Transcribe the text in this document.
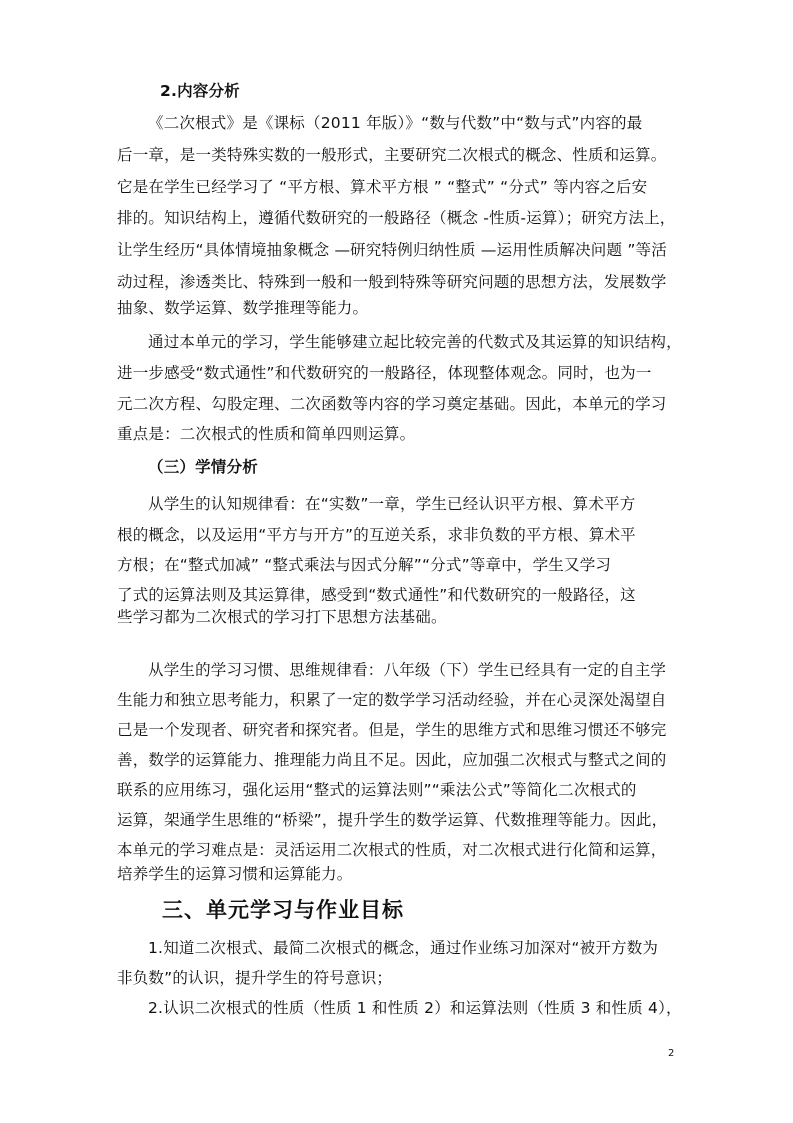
2.内容分析
《二次根式》是《课标（2011 年版）》“数与代数”中“数与式”内容的最
后一章，是一类特殊实数的一般形式，主要研究二次根式的概念、性质和运算。
它是在学生已经学习了 “平方根、算术平方根 ” “整式” “分式” 等内容之后安
排的。知识结构上，遵循代数研究的一般路径（概念 -性质-运算）；研究方法上，
让学生经历“具体情境抽象概念 —研究特例归纳性质 —运用性质解决问题 ”等活
动过程，渗透类比、特殊到一般和一般到特殊等研究问题的思想方法，发展数学
抽象、数学运算、数学推理等能力。
通过本单元的学习，学生能够建立起比较完善的代数式及其运算的知识结构，
进一步感受“数式通性”和代数研究的一般路径，体现整体观念。同时，也为一
元二次方程、勾股定理、二次函数等内容的学习奠定基础。因此，本单元的学习
重点是：二次根式的性质和简单四则运算。
（三）学情分析
从学生的认知规律看：在“实数”一章，学生已经认识平方根、算术平方
根的概念，以及运用“平方与开方”的互逆关系，求非负数的平方根、算术平
方根；在“整式加减” “整式乘法与因式分解”“分式”等章中，学生又学习
了式的运算法则及其运算律，感受到“数式通性”和代数研究的一般路径，这
些学习都为二次根式的学习打下思想方法基础。
从学生的学习习惯、思维规律看：八年级（下）学生已经具有一定的自主学
生能力和独立思考能力，积累了一定的数学学习活动经验，并在心灵深处渴望自
己是一个发现者、研究者和探究者。但是，学生的思维方式和思维习惯还不够完
善，数学的运算能力、推理能力尚且不足。因此，应加强二次根式与整式之间的
联系的应用练习，强化运用“整式的运算法则”“乘法公式”等简化二次根式的
运算，架通学生思维的“桥梁”，提升学生的数学运算、代数推理等能力。因此，
本单元的学习难点是：灵活运用二次根式的性质，对二次根式进行化简和运算，
培养学生的运算习惯和运算能力。
三、单元学习与作业目标
1.知道二次根式、最简二次根式的概念，通过作业练习加深对“被开方数为
非负数”的认识，提升学生的符号意识；
2.认识二次根式的性质（性质 1 和性质 2）和运算法则（性质 3 和性质 4），
2
